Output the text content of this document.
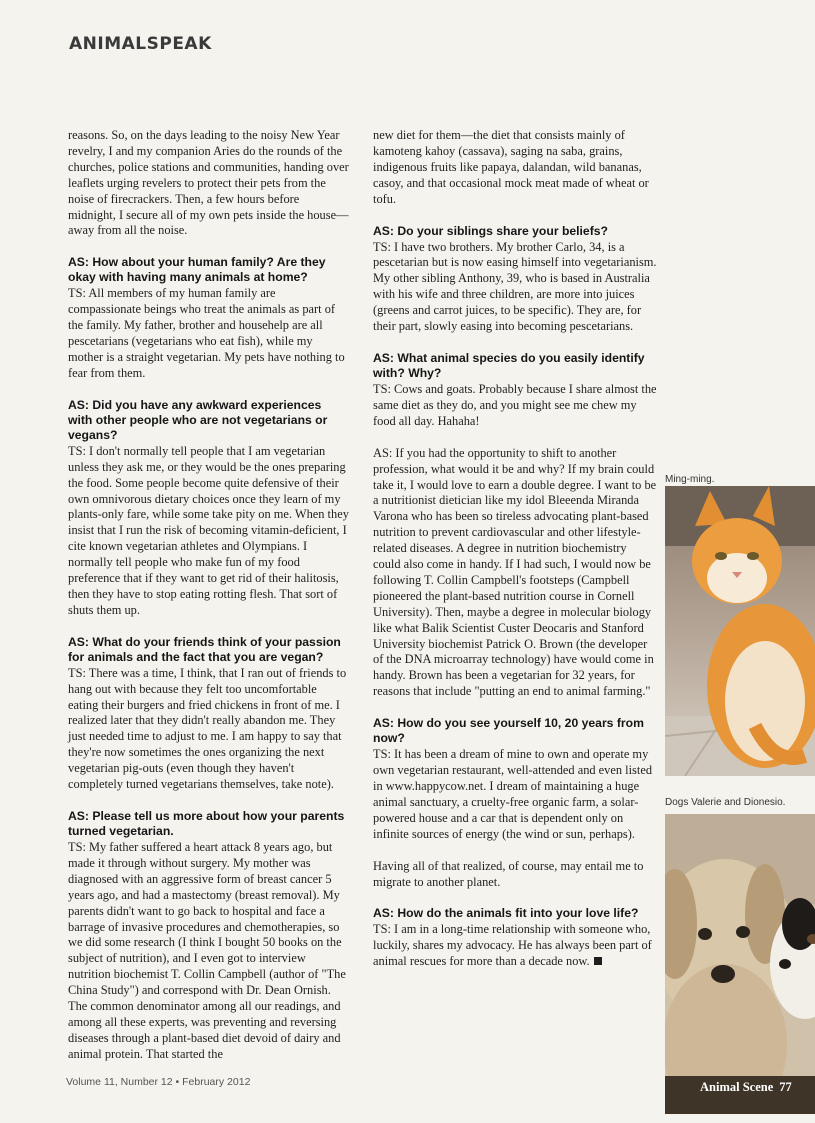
ANIMALSPEAK

reasons. So, on the days leading to the noisy New Year revelry, I and my companion Aries do the rounds of the churches, police stations and communities, handing over leaflets urging revelers to protect their pets from the noise of firecrackers. Then, a few hours before midnight, I secure all of my own pets inside the house—away from all the noise.

AS: How about your human family? Are they okay with having many animals at home?
TS: All members of my human family are compassionate beings who treat the animals as part of the family. My father, brother and househelp are all pescetarians (vegetarians who eat fish), while my mother is a straight vegetarian. My pets have nothing to fear from them.
AS: Did you have any awkward experiences with other people who are not vegetarians or vegans?
TS: I don't normally tell people that I am vegetarian unless they ask me, or they would be the ones preparing the food. Some people become quite defensive of their own omnivorous dietary choices once they learn of my plants-only fare, while some take pity on me. When they insist that I run the risk of becoming vitamin-deficient, I cite known vegetarian athletes and Olympians. I normally tell people who make fun of my food preference that if they want to get rid of their halitosis, then they have to stop eating rotting flesh. That sort of shuts them up.
AS: What do your friends think of your passion for animals and the fact that you are vegan?
TS: There was a time, I think, that I ran out of friends to hang out with because they felt too uncomfortable eating their burgers and fried chickens in front of me. I realized later that they didn't really abandon me. They just needed time to adjust to me. I am happy to say that they're now sometimes the ones organizing the next vegetarian pig-outs (even though they haven't completely turned vegetarians themselves, take note).
AS: Please tell us more about how your parents turned vegetarian.
TS: My father suffered a heart attack 8 years ago, but made it through without surgery. My mother was diagnosed with an aggressive form of breast cancer 5 years ago, and had a mastectomy (breast removal). My parents didn't want to go back to hospital and face a barrage of invasive procedures and chemotherapies, so we did some research (I think I bought 50 books on the subject of nutrition), and I even got to interview nutrition biochemist T. Collin Campbell (author of "The China Study") and correspond with Dr. Dean Ornish. The common denominator among all our readings, and among all these experts, was preventing and reversing diseases through a plant-based diet devoid of dairy and animal protein. That started the

new diet for them—the diet that consists mainly of kamoteng kahoy (cassava), saging na saba, grains, indigenous fruits like papaya, dalandan, wild bananas, casoy, and that occasional mock meat made of wheat or tofu.

AS: Do your siblings share your beliefs?
TS: I have two brothers. My brother Carlo, 34, is a pescetarian but is now easing himself into vegetarianism. My other sibling Anthony, 39, who is based in Australia with his wife and three children, are more into juices (greens and carrot juices, to be specific). They are, for their part, slowly easing into becoming pescetarians.
AS: What animal species do you easily identify with? Why?
TS: Cows and goats. Probably because I share almost the same diet as they do, and you might see me chew my food all day. Hahaha!
AS: If you had the opportunity to shift to another profession, what would it be and why? If my brain could take it, I would love to earn a double degree. I want to be a nutritionist dietician like my idol Bleeenda Miranda Varona who has been so tireless advocating plant-based nutrition to prevent cardiovascular and other lifestyle-related diseases. A degree in nutrition biochemistry could also come in handy. If I had such, I would now be following T. Collin Campbell's footsteps (Campbell pioneered the plant-based nutrition course in Cornell University). Then, maybe a degree in molecular biology like what Balik Scientist Custer Deocaris and Stanford University biochemist Patrick O. Brown (the developer of the DNA microarray technology) have would come in handy. Brown has been a vegetarian for 32 years, for reasons that include "putting an end to animal farming."
AS: How do you see yourself 10, 20 years from now?
TS: It has been a dream of mine to own and operate my own vegetarian restaurant, well-attended and even listed in www.happycow.net. I dream of maintaining a huge animal sanctuary, a cruelty-free organic farm, a solar-powered house and a car that is dependent only on infinite sources of energy (the wind or sun, perhaps).
Having all of that realized, of course, may entail me to migrate to another planet.
AS: How do the animals fit into your love life?
TS: I am in a long-time relationship with someone who, luckily, shares my advocacy. He has always been part of animal rescues for more than a decade now.
Ming-ming.
Dogs Valerie and Dionesio.
Animal Scene 77
Volume 11, Number 12 • February 2012
